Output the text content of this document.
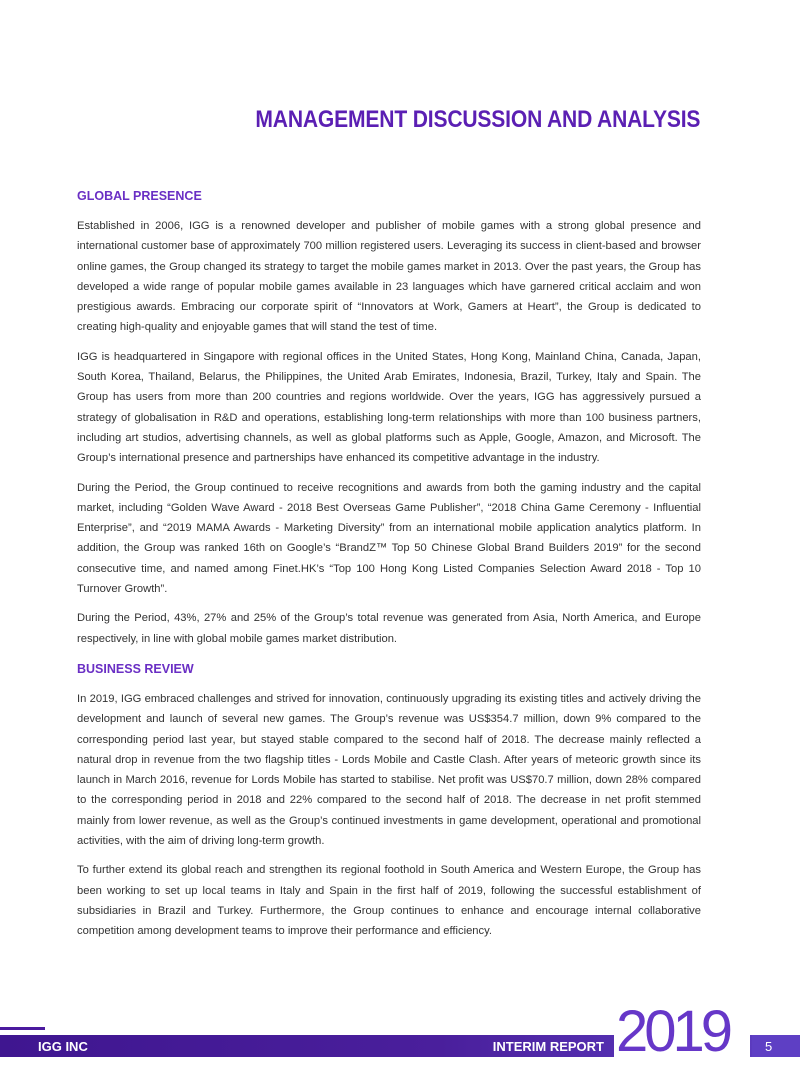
MANAGEMENT DISCUSSION AND ANALYSIS
GLOBAL PRESENCE

Established in 2006, IGG is a renowned developer and publisher of mobile games with a strong global presence and international customer base of approximately 700 million registered users. Leveraging its success in client-based and browser online games, the Group changed its strategy to target the mobile games market in 2013. Over the past years, the Group has developed a wide range of popular mobile games available in 23 languages which have garnered critical acclaim and won prestigious awards. Embracing our corporate spirit of “Innovators at Work, Gamers at Heart”, the Group is dedicated to creating high-quality and enjoyable games that will stand the test of time.

IGG is headquartered in Singapore with regional offices in the United States, Hong Kong, Mainland China, Canada, Japan, South Korea, Thailand, Belarus, the Philippines, the United Arab Emirates, Indonesia, Brazil, Turkey, Italy and Spain. The Group has users from more than 200 countries and regions worldwide. Over the years, IGG has aggressively pursued a strategy of globalisation in R&D and operations, establishing long-term relationships with more than 100 business partners, including art studios, advertising channels, as well as global platforms such as Apple, Google, Amazon, and Microsoft. The Group’s international presence and partnerships have enhanced its competitive advantage in the industry.

During the Period, the Group continued to receive recognitions and awards from both the gaming industry and the capital market, including “Golden Wave Award - 2018 Best Overseas Game Publisher”, “2018 China Game Ceremony - Influential Enterprise”, and “2019 MAMA Awards - Marketing Diversity” from an international mobile application analytics platform. In addition, the Group was ranked 16th on Google’s “BrandZ™ Top 50 Chinese Global Brand Builders 2019” for the second consecutive time, and named among Finet.HK’s “Top 100 Hong Kong Listed Companies Selection Award 2018 - Top 10 Turnover Growth”.

During the Period, 43%, 27% and 25% of the Group’s total revenue was generated from Asia, North America, and Europe respectively, in line with global mobile games market distribution.

BUSINESS REVIEW

In 2019, IGG embraced challenges and strived for innovation, continuously upgrading its existing titles and actively driving the development and launch of several new games. The Group’s revenue was US$354.7 million, down 9% compared to the corresponding period last year, but stayed stable compared to the second half of 2018. The decrease mainly reflected a natural drop in revenue from the two flagship titles - Lords Mobile and Castle Clash. After years of meteoric growth since its launch in March 2016, revenue for Lords Mobile has started to stabilise. Net profit was US$70.7 million, down 28% compared to the corresponding period in 2018 and 22% compared to the second half of 2018. The decrease in net profit stemmed mainly from lower revenue, as well as the Group’s continued investments in game development, operational and promotional activities, with the aim of driving long-term growth.

To further extend its global reach and strengthen its regional foothold in South America and Western Europe, the Group has been working to set up local teams in Italy and Spain in the first half of 2019, following the successful establishment of subsidiaries in Brazil and Turkey. Furthermore, the Group continues to enhance and encourage internal collaborative competition among development teams to improve their performance and efficiency.

IGG INC	INTERIM REPORT 2019	5
